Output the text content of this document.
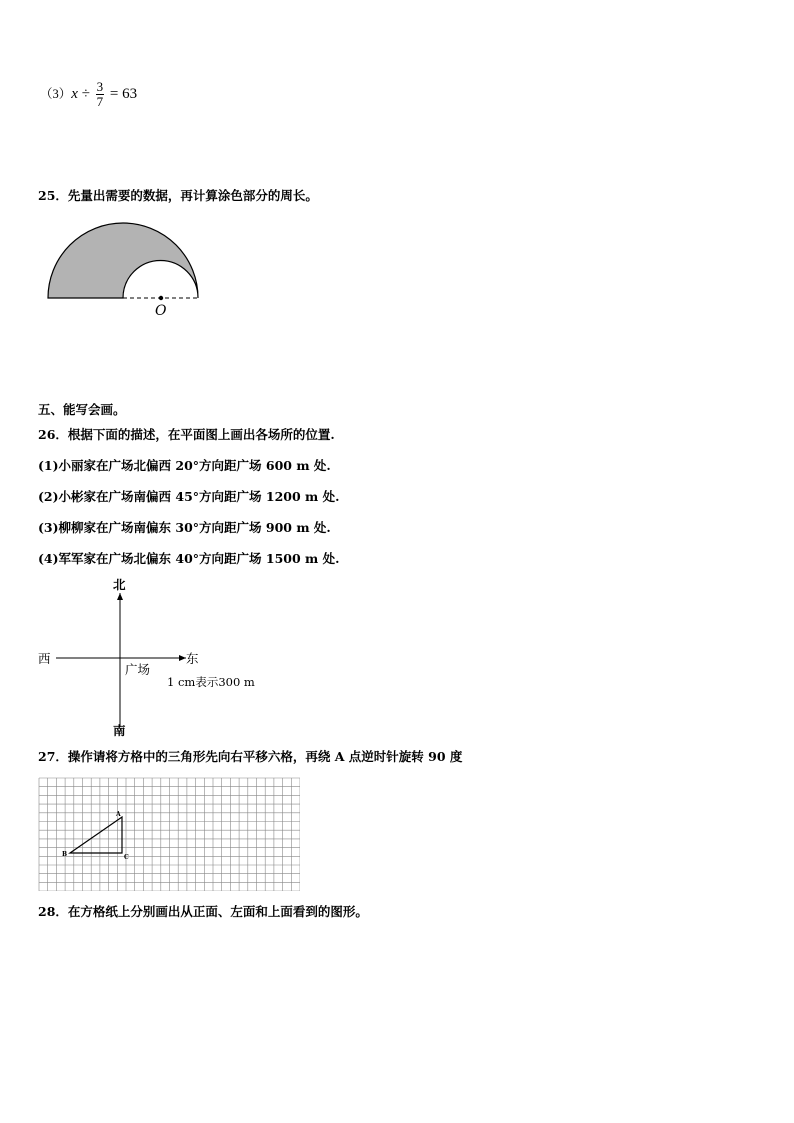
$(3)x \div \frac{3}{7} = 63$
25．先量出需要的数据，再计算涂色部分的周长。
O
五、能写会画。
26．根据下面的描述，在平面图上画出各场所的位置.
(1)小丽家在广场北偏西 20°方向距广场 600 m 处.
(2)小彬家在广场南偏西 45°方向距广场 1200 m 处.
(3)柳柳家在广场南偏东 30°方向距广场 900 m 处.
(4)军军家在广场北偏东 40°方向距广场 1500 m 处.
北
南
西	东
广场
1 cm表示300 m
27．操作请将方格中的三角形先向右平移六格，再绕 A 点逆时针旋转 90 度
A
B	C
28．在方格纸上分别画出从正面、左面和上面看到的图形。
